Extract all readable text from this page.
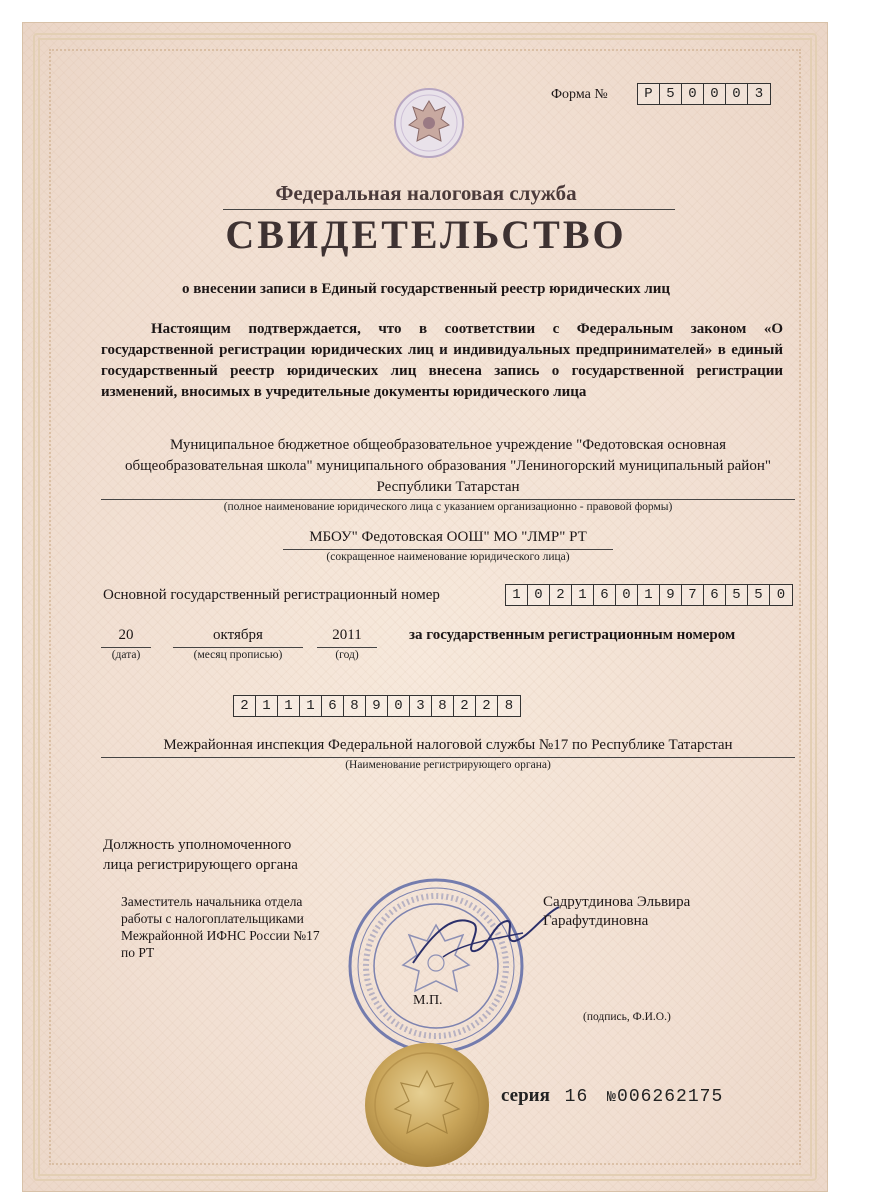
Форма №	Р 5 0 0 0	3
Федеральная налоговая служба
СВИДЕТЕЛЬСТВО
о внесении записи в Единый государственный реестр юридических лиц
Настоящим подтверждается, что в соответствии с Федеральным законом «О государственной регистрации юридических лиц и индивидуальных предпринимателей» в единый государственный реестр юридических лиц внесена запись о государственной регистрации изменений, вносимых в учредительные документы юридического лица
Муниципальное бюджетное общеобразовательное учреждение "Федотовская основная общеобразовательная школа" муниципального образования "Лениногорский муниципальный район" Республики Татарстан
(полное наименование юридического лица с указанием организационно - правовой формы)
МБОУ" Федотовская ООШ" МО "ЛМР" РТ
(сокращенное наименование юридического лица)
Основной государственный регистрационный номер	1 0 2 1 6 0 1 9 7 6 5 5	0
20
(дата)
октября
(месяц прописью)
2011
(год)
за государственным регистрационным номером
2 1 1 1 6 8 9 0 3 8 2 2	8
Межрайонная инспекция Федеральной налоговой службы №17 по Республике Татарстан
(Наименование регистрирующего органа)
Должность уполномоченного
лица регистрирующего органа
Заместитель начальника отдела
работы с налогоплательщиками
Межрайонной ИФНС России №17
по РТ
Садрутдинова Эльвира
Гарафутдиновна
М.П.
(подпись, Ф.И.О.)
серия 16 №006262175
